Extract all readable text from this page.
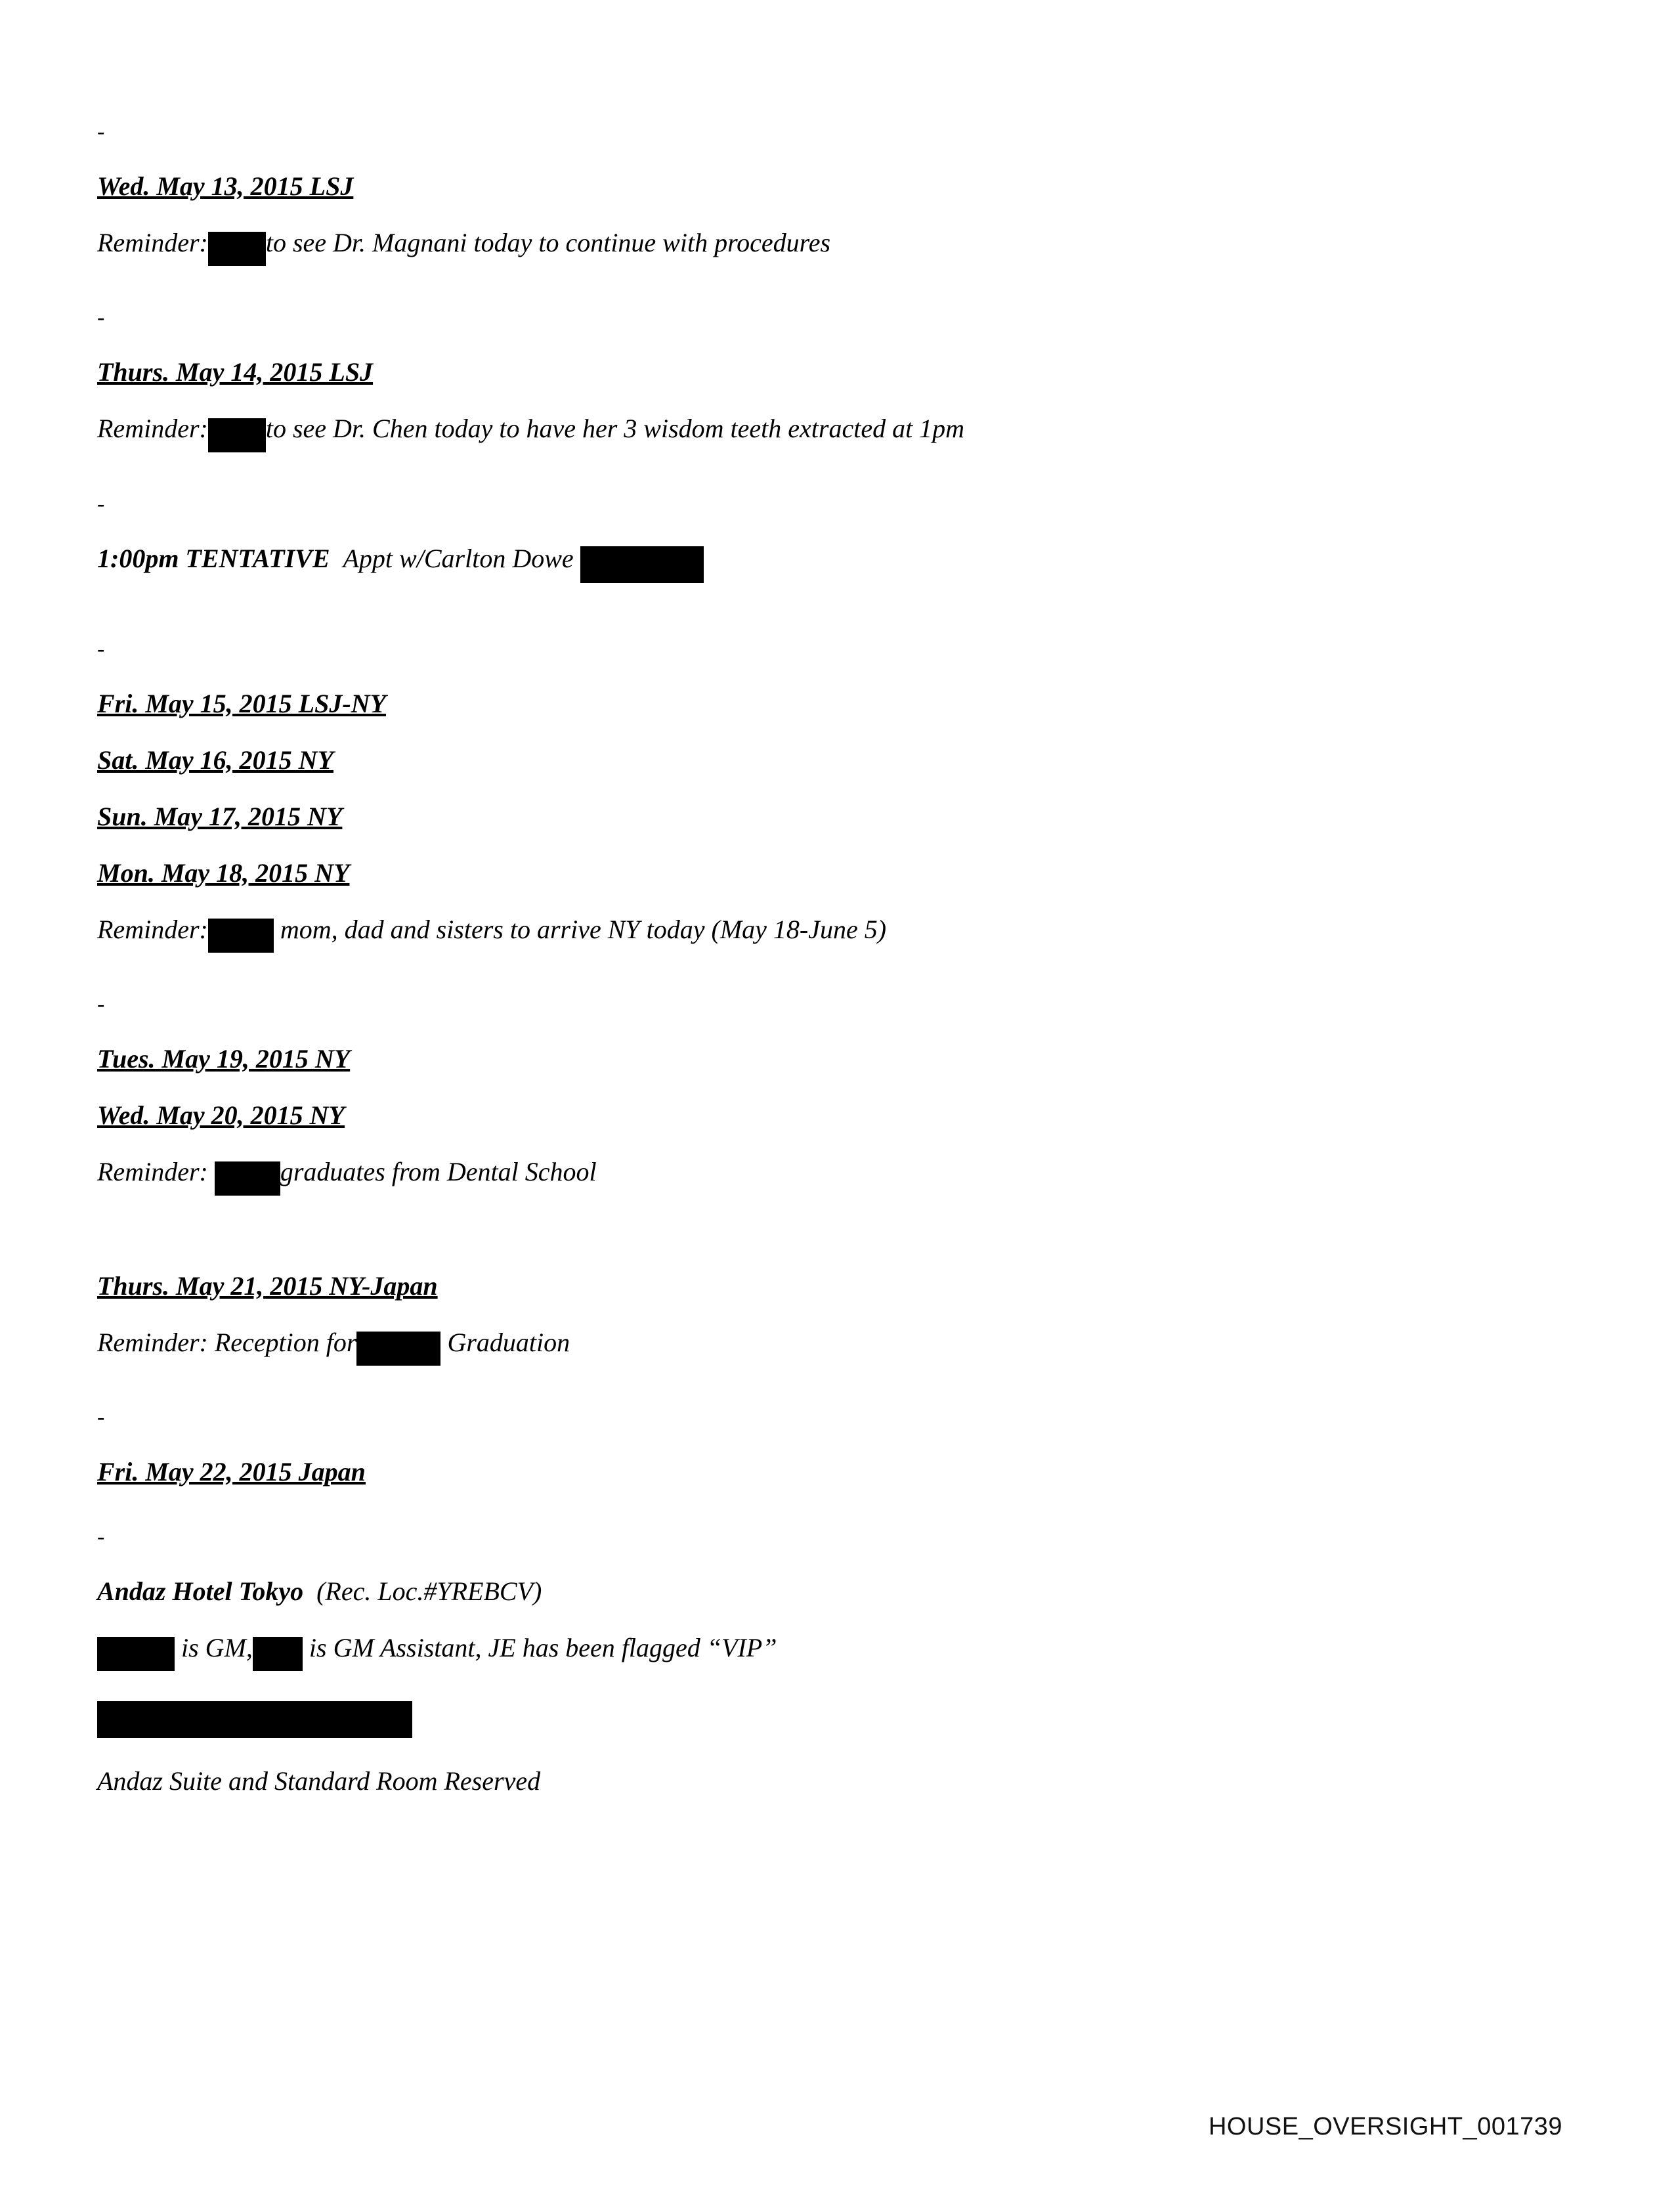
-
Wed. May 13, 2015 LSJ
Reminder: to see Dr. Magnani today to continue with procedures
-
Thurs. May 14, 2015 LSJ
Reminder: to see Dr. Chen today to have her 3 wisdom teeth extracted at 1pm
-
1:00pm TENTATIVE Appt w/Carlton Dowe
-
Fri. May 15, 2015 LSJ-NY
Sat. May 16, 2015 NY
Sun. May 17, 2015 NY
Mon. May 18, 2015 NY
Reminder:	mom, dad and sisters to arrive NY today (May 18-June 5)
-
Tues. May 19, 2015 NY
Wed. May 20, 2015 NY
Reminder:	graduates from Dental School
Thurs. May 21, 2015 NY-Japan
Reminder: Reception for	Graduation
-
Fri. May 22, 2015 Japan
-
Andaz Hotel Tokyo (Rec. Loc.#YREBCV)
is GM, is GM Assistant, JE has been flagged “VIP”
Andaz Suite and Standard Room Reserved
HOUSE_OVERSIGHT_001739
